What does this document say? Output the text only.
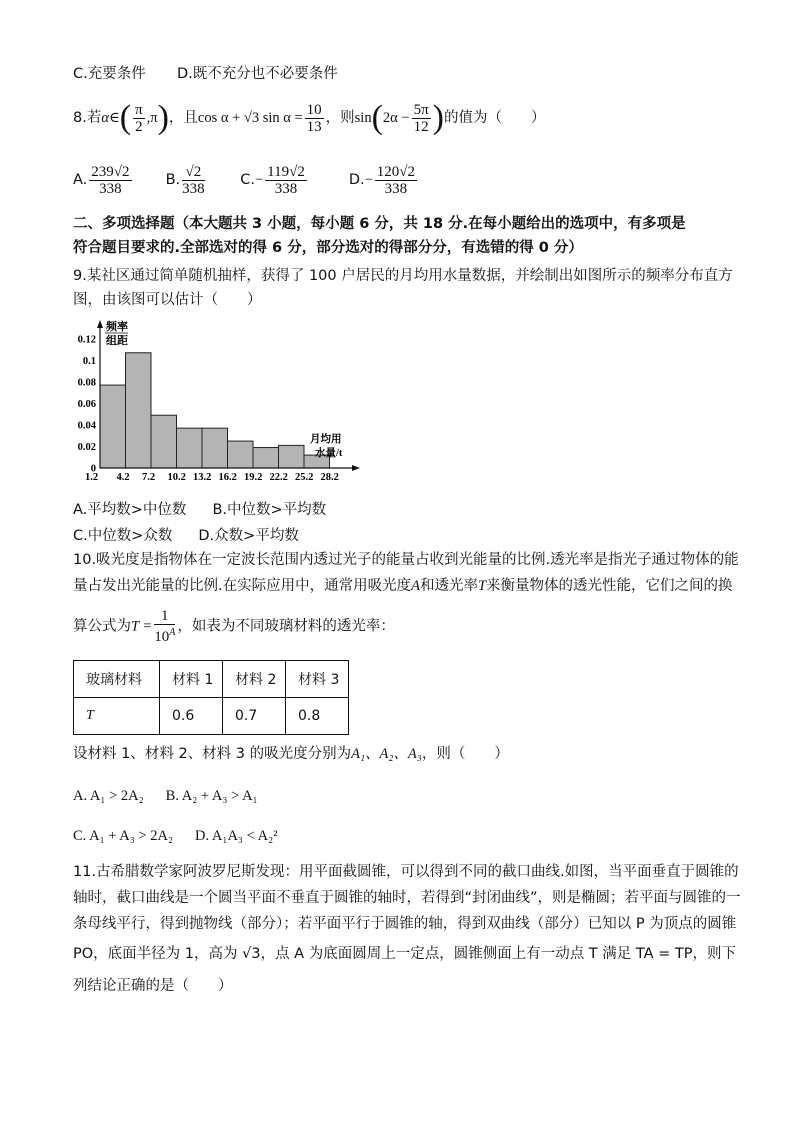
C.充要条件 D.既不充分也不必要条件
8.若α∈( $\frac{\pi}{2} ,\pi$)，且cos α + √3 $\sin \alpha = \frac{10}{13}$ ，则$\sin(2\alpha - \frac{5\pi}{12}$ )的值为（　　）
A. $\frac{239√2}{338} B$. $\frac{√2}{338} C.- \frac{119√2}{338}$	$D.- \frac{120√2}{338}$
二、多项选择题（本大题共 3 小题，每小题 6 分，共 18 分.在每小题给出的选项中，有多项是
符合题目要求的.全部选对的得 6 分，部分选对的得部分分，有选错的得 0 分）
9.某社区通过简单随机抽样，获得了 100 户居民的月均用水量数据，并绘制出如图所示的频率分布直方
图，由该图可以估计（　　）
1.2 4.2 7.2 10.2 13.2 16.2 19.2 22.2 25.2 28.2
0
0.02
0.04
0.06
0.08
0.1
0.12
频率
组距
月均用
水量/t
A.平均数>中位数 B.中位数>平均数
C.中位数>众数 D.众数>平均数
10.吸光度是指物体在一定波长范围内透过光子的能量占收到光能量的比例.透光率是指光子通过物体的能
量占发出光能量的比例.在实际应用中，通常用吸光度A和透光率T来衡量物体的透光性能，它们之间的换
算公式为$T = \frac{1}{10^A}$ ，如表为不同玻璃材料的透光率：
玻璃材料	材料 1	材料 2	材料 3
T	0.6	0.7	0.8
设材料 1、材料 2、材料 3 的吸光度分别为A₁、A₂、A₃，则（　　）
A. A₁ > 2A₂ B. A₂ + A₃ > A₁
C. A₁ + A₃ > 2A₂ D. A₁A₃ < A₂²
11.古希腊数学家阿波罗尼斯发现：用平面截圆锥，可以得到不同的截口曲线.如图，当平面垂直于圆锥的
轴时，截口曲线是一个圆当平面不垂直于圆锥的轴时，若得到“封闭曲线”，则是椭圆；若平面与圆锥的一
条母线平行，得到抛物线（部分）；若平面平行于圆锥的轴，得到双曲线（部分）已知以 P 为顶点的圆锥
PO，底面半径为 1，高为 √3，点 A 为底面圆周上一定点，圆锥侧面上有一动点 T 满足 TA = TP，则下
列结论正确的是（　　）
